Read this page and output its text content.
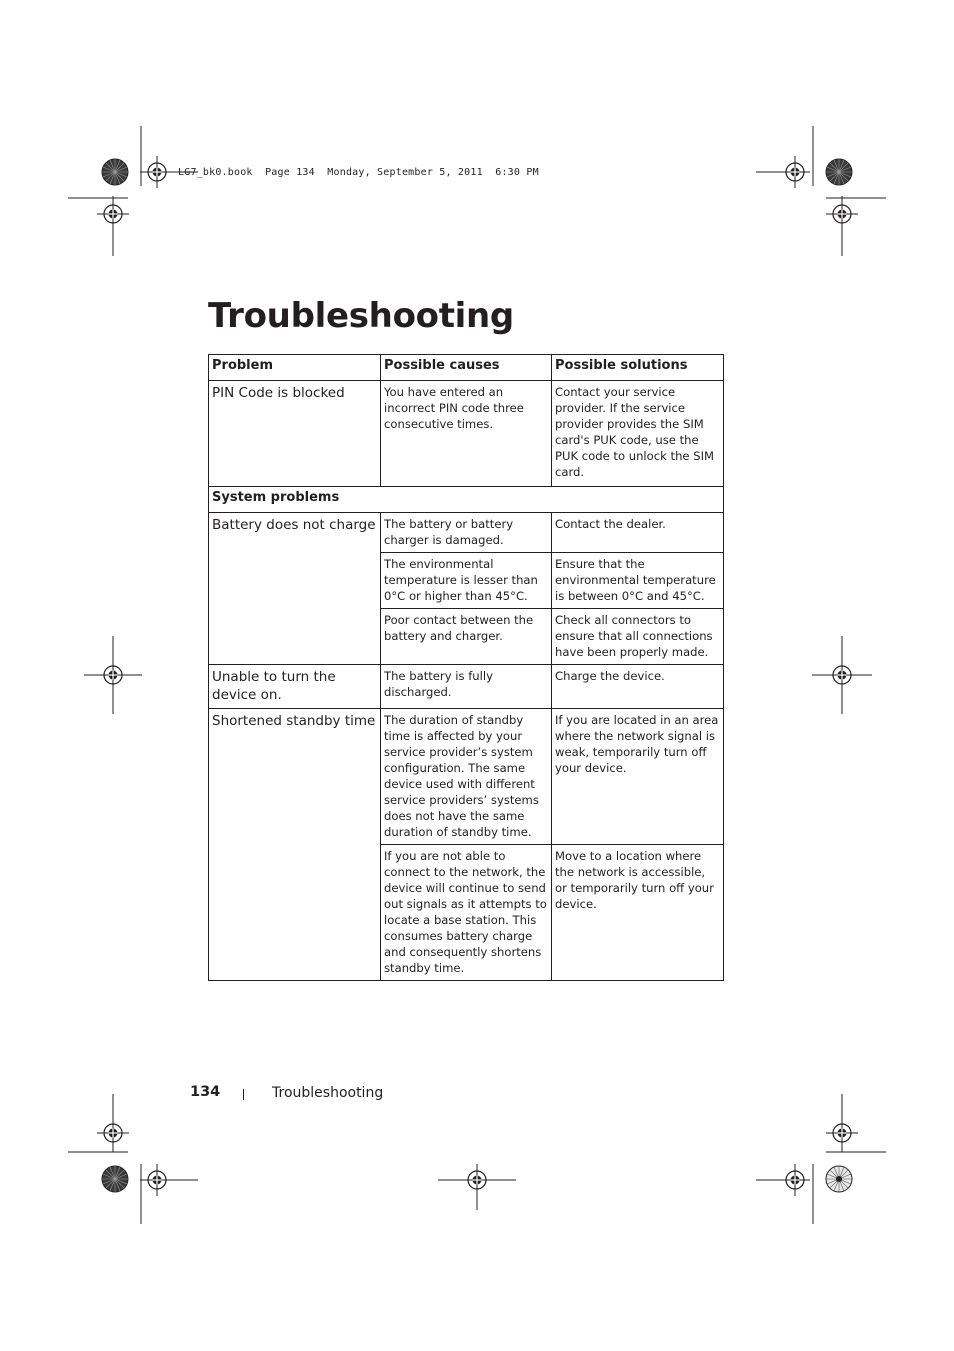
LG7_bk0.book  Page 134  Monday, September 5, 2011  6:30 PM
Troubleshooting
Problem	Possible causes	Possible solutions
PIN Code is blocked	You have entered an incorrect PIN code three consecutive times.	Contact your service provider. If the service provider provides the SIM card's PUK code, use the PUK code to unlock the SIM card.
System problems		
Battery does not charge	The battery or battery charger is damaged.	Contact the dealer.
	The environmental temperature is lesser than 0°C or higher than 45°C.	Ensure that the environmental temperature is between 0°C and 45°C.
	Poor contact between the battery and charger.	Check all connectors to ensure that all connections have been properly made.
Unable to turn the device on.	The battery is fully discharged.	Charge the device.
Shortened standby time	The duration of standby time is affected by your service provider’s system configuration. The same device used with different service providers’ systems does not have the same duration of standby time.	If you are located in an area where the network signal is weak, temporarily turn off your device.
	If you are not able to connect to the network, the device will continue to send out signals as it attempts to locate a base station. This consumes battery charge and consequently shortens standby time.	Move to a location where the network is accessible, or temporarily turn off your device.
134	Troubleshooting
